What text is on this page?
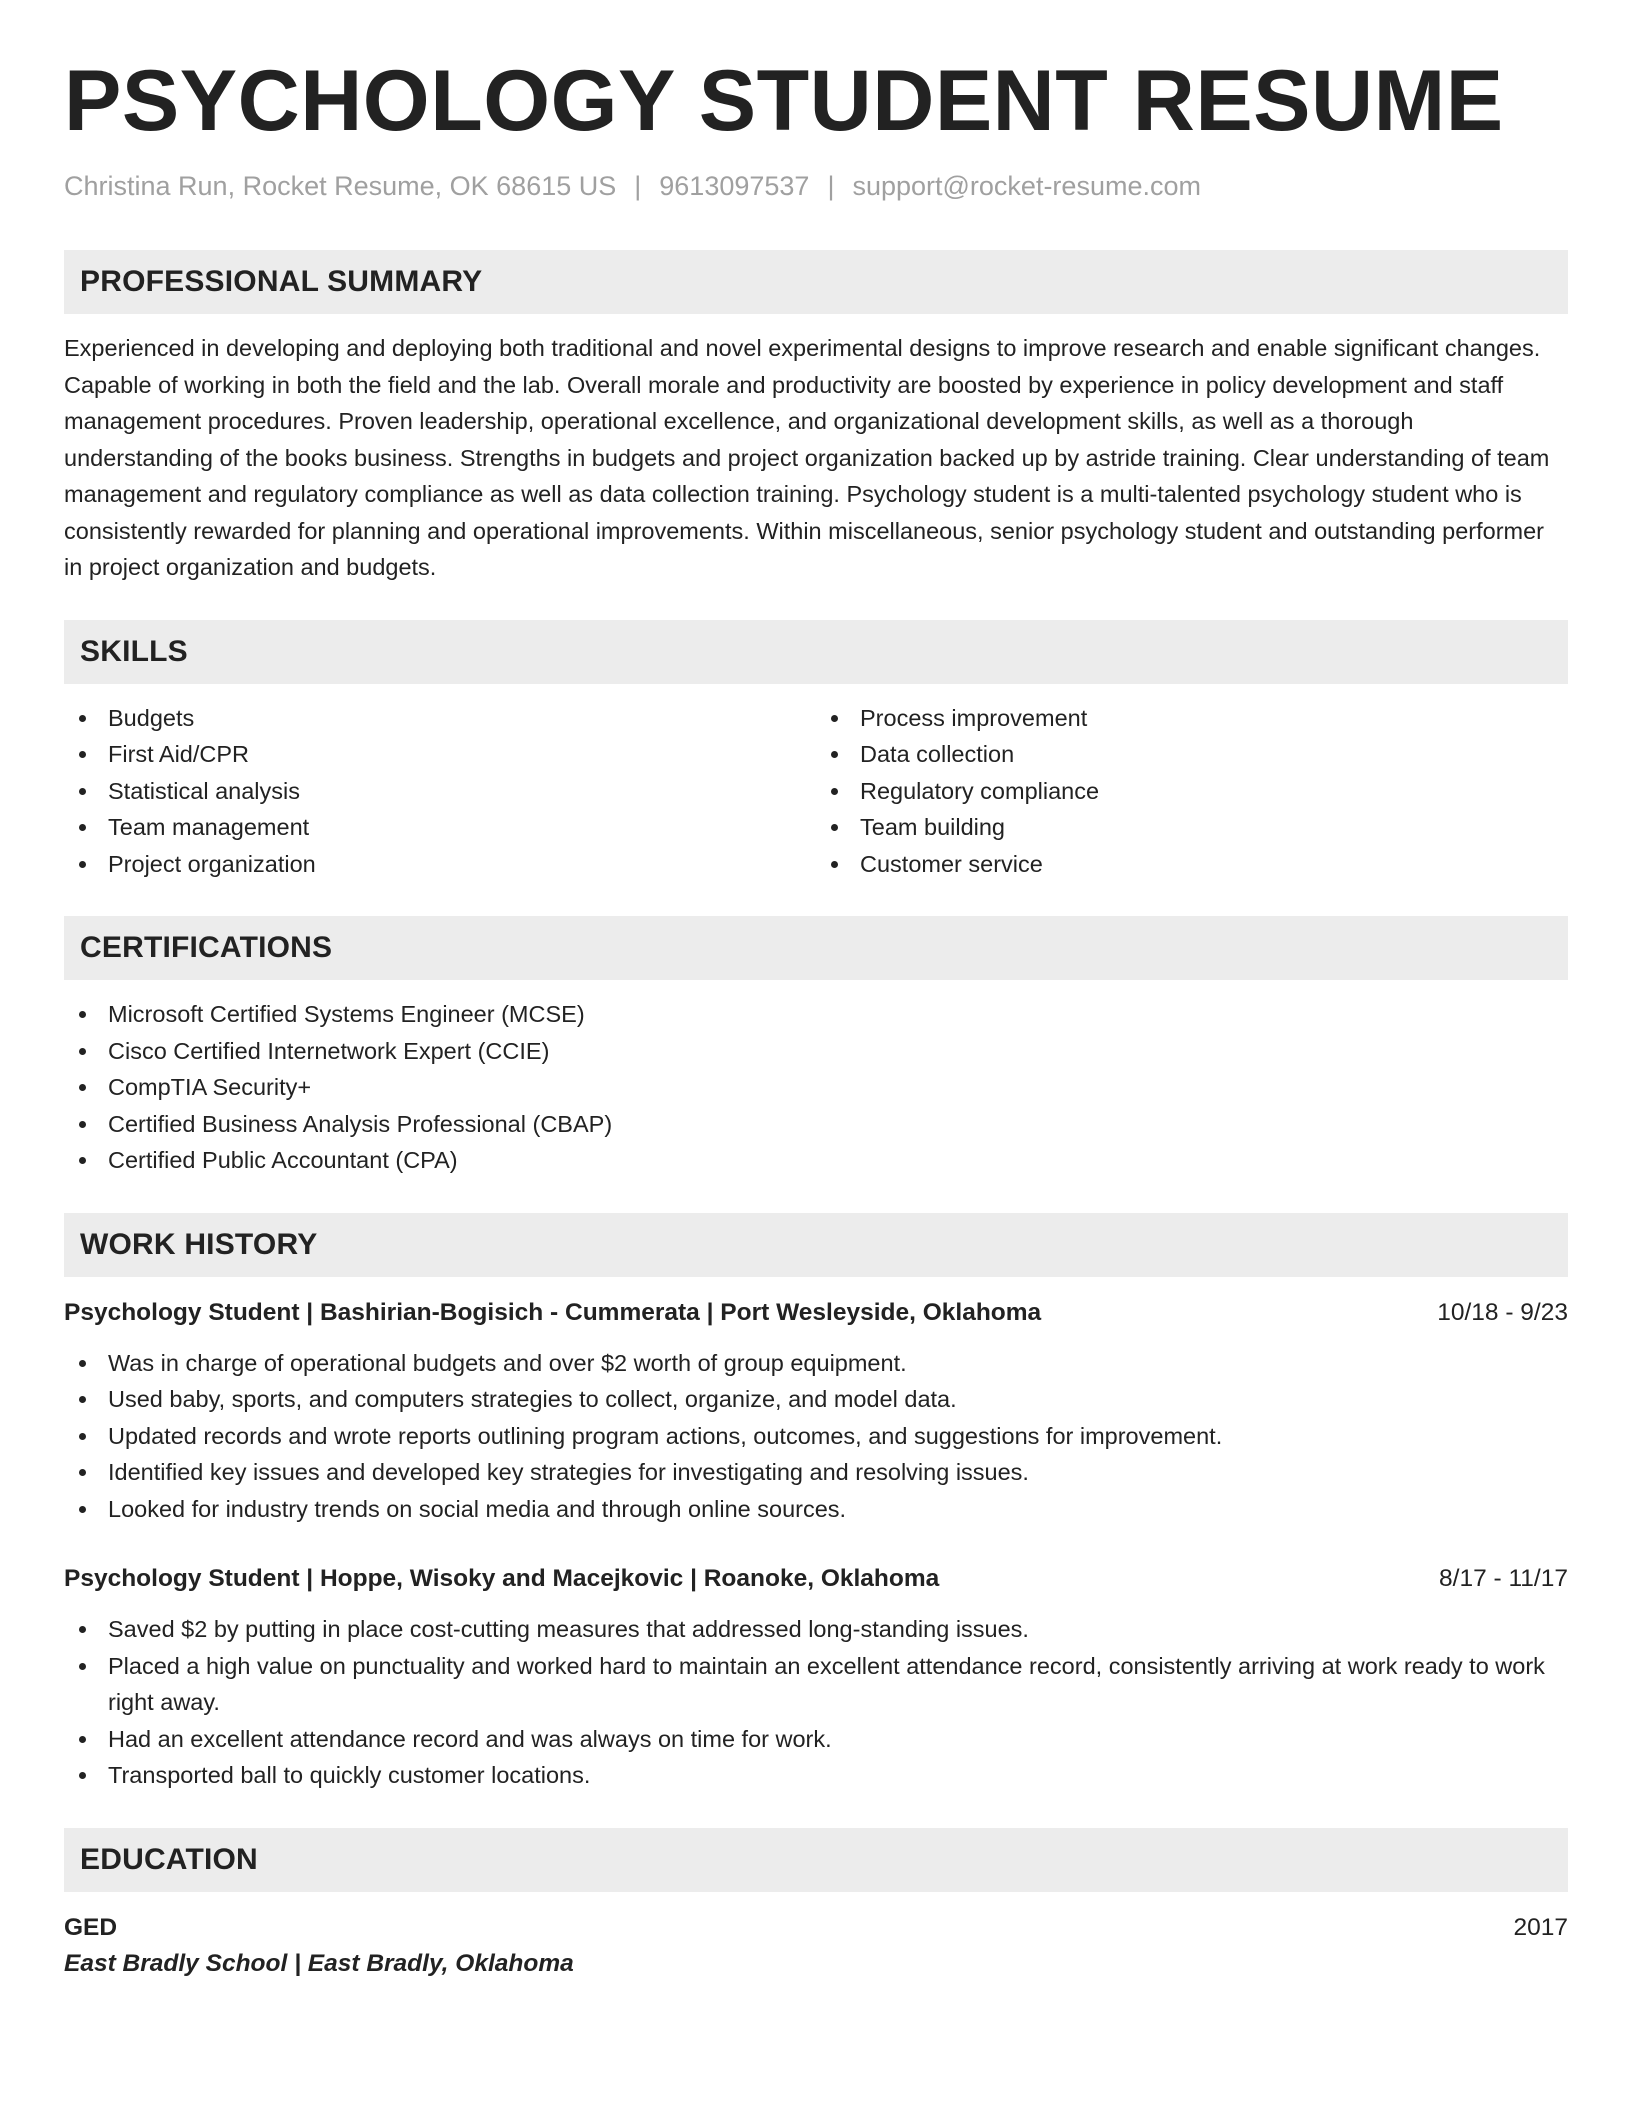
PSYCHOLOGY STUDENT RESUME
Christina Run, Rocket Resume, OK 68615 US | 9613097537 | support@rocket-resume.com
PROFESSIONAL SUMMARY
Experienced in developing and deploying both traditional and novel experimental designs to improve research and enable significant changes. Capable of working in both the field and the lab. Overall morale and productivity are boosted by experience in policy development and staff management procedures. Proven leadership, operational excellence, and organizational development skills, as well as a thorough understanding of the books business. Strengths in budgets and project organization backed up by astride training. Clear understanding of team management and regulatory compliance as well as data collection training. Psychology student is a multi-talented psychology student who is consistently rewarded for planning and operational improvements. Within miscellaneous, senior psychology student and outstanding performer in project organization and budgets.
SKILLS
Budgets
First Aid/CPR
Statistical analysis
Team management
Project organization
Process improvement
Data collection
Regulatory compliance
Team building
Customer service
CERTIFICATIONS
Microsoft Certified Systems Engineer (MCSE)
Cisco Certified Internetwork Expert (CCIE)
CompTIA Security+
Certified Business Analysis Professional (CBAP)
Certified Public Accountant (CPA)
WORK HISTORY
Psychology Student | Bashirian-Bogisich - Cummerata | Port Wesleyside, Oklahoma	10/18 - 9/23
Was in charge of operational budgets and over $2 worth of group equipment.
Used baby, sports, and computers strategies to collect, organize, and model data.
Updated records and wrote reports outlining program actions, outcomes, and suggestions for improvement.
Identified key issues and developed key strategies for investigating and resolving issues.
Looked for industry trends on social media and through online sources.
Psychology Student | Hoppe, Wisoky and Macejkovic | Roanoke, Oklahoma	8/17 - 11/17
Saved $2 by putting in place cost-cutting measures that addressed long-standing issues.
Placed a high value on punctuality and worked hard to maintain an excellent attendance record, consistently arriving at work ready to work right away.
Had an excellent attendance record and was always on time for work.
Transported ball to quickly customer locations.
EDUCATION
GED	2017
East Bradly School | East Bradly, Oklahoma
